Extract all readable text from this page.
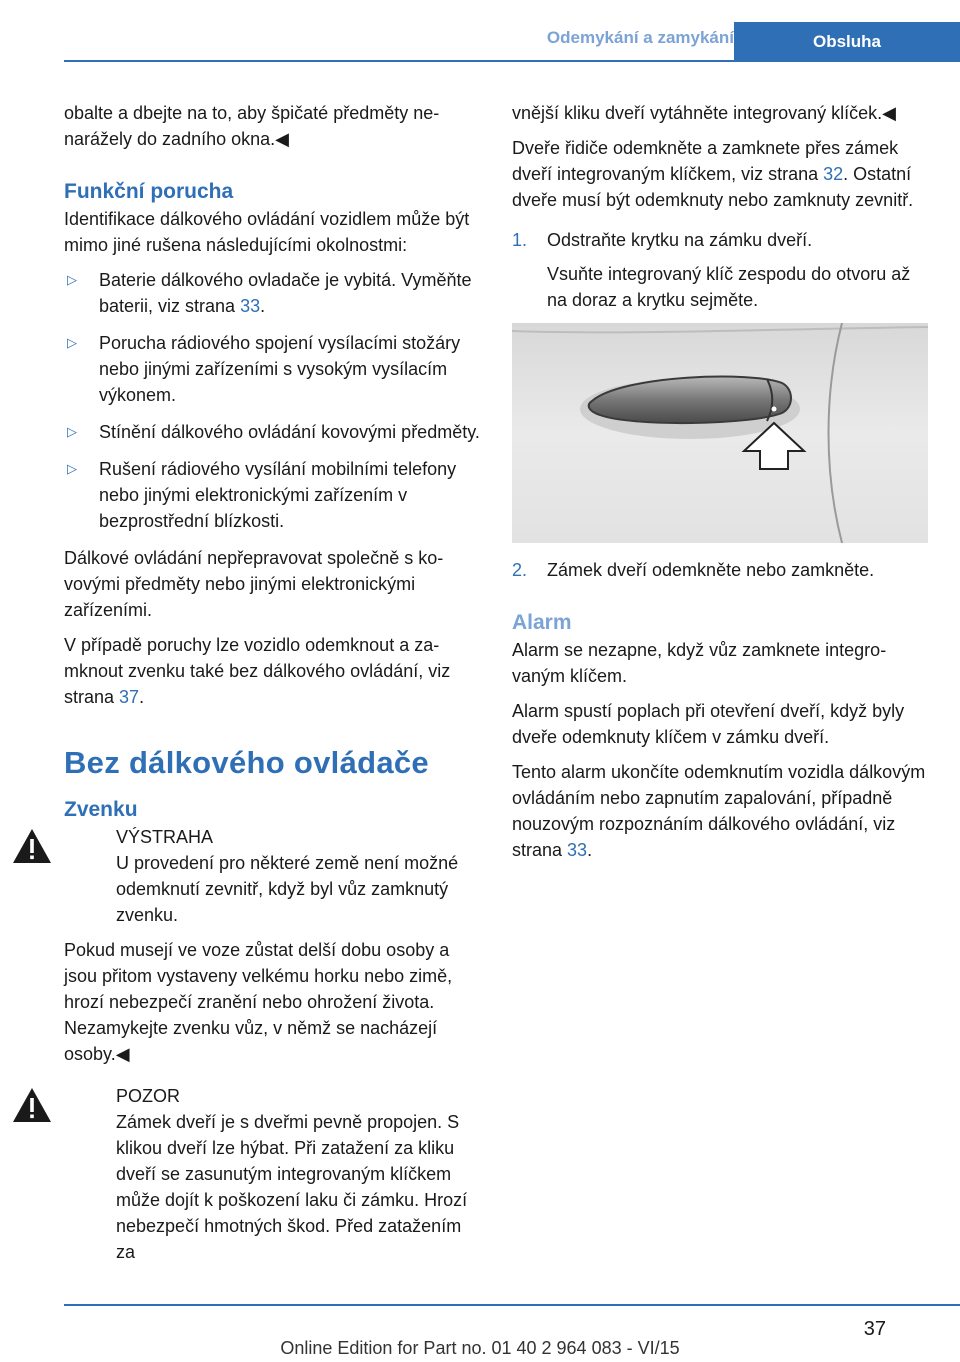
Odemykání a zamykání	Obsluha

obalte a dbejte na to, aby špičaté předměty nenarážely do zadního okna.◀

Funkční porucha

Identifikace dálkového ovládání vozidlem může být mimo jiné rušena následujícími okolnostmi:

▷ Baterie dálkového ovladače je vybitá. Vyměňte baterii, viz strana 33.
▷ Porucha rádiového spojení vysílacími stožáry nebo jinými zařízeními s vysokým vysílacím výkonem.
▷ Stínění dálkového ovládání kovovými předměty.
▷ Rušení rádiového vysílání mobilními telefony nebo jinými elektronickými zařízením v bezprostřední blízkosti.

Dálkové ovládání nepřepravovat společně s kovovými předměty nebo jinými elektronickými zařízeními.

V případě poruchy lze vozidlo odemknout a zamknout zvenku také bez dálkového ovládání, viz strana 37.

Bez dálkového ovládače
Zvenku
VÝSTRAHA

U provedení pro některé země není možné odemknutí zevnitř, když byl vůz zamknutý zvenku.

Pokud musejí ve voze zůstat delší dobu osoby a jsou přitom vystaveny velkému horku nebo zimě, hrozí nebezpečí zranění nebo ohrožení života. Nezamykejte zvenku vůz, v němž se nacházejí osoby.◀

POZOR

Zámek dveří je s dveřmi pevně propojen. S klikou dveří lze hýbat. Při zatažení za kliku dveří se zasunutým integrovaným klíčkem může dojít k poškození laku či zámku. Hrozí nebezpečí hmotných škod. Před zatažením za

vnější kliku dveří vytáhněte integrovaný klíček.◀

Dveře řidiče odemkněte a zamknete přes zámek dveří integrovaným klíčkem, viz strana 32. Ostatní dveře musí být odemknuty nebo zamknuty zevnitř.

1. Odstraňte krytku na zámku dveří.
Vsuňte integrovaný klíč zespodu do otvoru až na doraz a krytku sejměte.
2. Zámek dveří odemkněte nebo zamkněte.
Alarm

Alarm se nezapne, když vůz zamknete integrovaným klíčem.

Alarm spustí poplach při otevření dveří, když byly dveře odemknuty klíčem v zámku dveří.

Tento alarm ukončíte odemknutím vozidla dálkovým ovládáním nebo zapnutím zapalování, případně nouzovým rozpoznáním dálkového ovládání, viz strana 33.

37
Online Edition for Part no. 01 40 2 964 083 - VI/15
